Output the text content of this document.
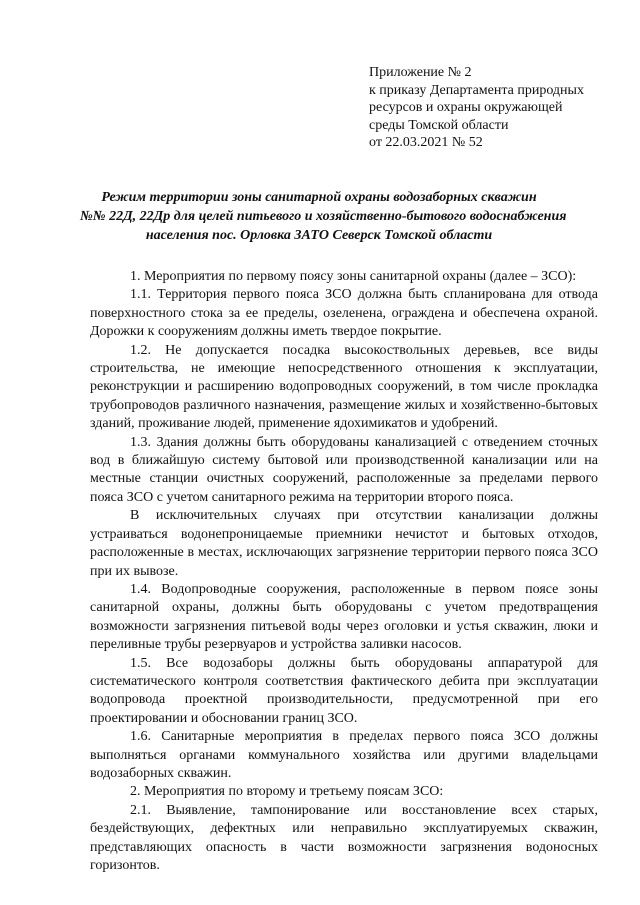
Приложение № 2
к приказу Департамента природных
ресурсов и охраны окружающей
среды Томской области
от 22.03.2021 № 52
Режим территории зоны санитарной охраны водозаборных скважин
№№ 22Д, 22Др для целей питьевого и хозяйственно-бытового водоснабжения
населения пос. Орловка ЗАТО Северск Томской области

1. Мероприятия по первому поясу зоны санитарной охраны (далее – ЗСО):

1.1. Территория первого пояса ЗСО должна быть спланирована для отвода поверхностного стока за ее пределы, озеленена, ограждена и обеспечена охраной. Дорожки к сооружениям должны иметь твердое покрытие.

1.2. Не допускается посадка высокоствольных деревьев, все виды строительства, не имеющие непосредственного отношения к эксплуатации, реконструкции и расширению водопроводных сооружений, в том числе прокладка трубопроводов различного назначения, размещение жилых и хозяйственно-бытовых зданий, проживание людей, применение ядохимикатов и удобрений.

1.3. Здания должны быть оборудованы канализацией с отведением сточных вод в ближайшую систему бытовой или производственной канализации или на местные станции очистных сооружений, расположенные за пределами первого пояса ЗСО с учетом санитарного режима на территории второго пояса.

В исключительных случаях при отсутствии канализации должны устраиваться водонепроницаемые приемники нечистот и бытовых отходов, расположенные в местах, исключающих загрязнение территории первого пояса ЗСО при их вывозе.

1.4. Водопроводные сооружения, расположенные в первом поясе зоны санитарной охраны, должны быть оборудованы с учетом предотвращения возможности загрязнения питьевой воды через оголовки и устья скважин, люки и переливные трубы резервуаров и устройства заливки насосов.

1.5. Все водозаборы должны быть оборудованы аппаратурой для систематического контроля соответствия фактического дебита при эксплуатации водопровода проектной производительности, предусмотренной при его проектировании и обосновании границ ЗСО.

1.6. Санитарные мероприятия в пределах первого пояса ЗСО должны выполняться органами коммунального хозяйства или другими владельцами водозаборных скважин.

2. Мероприятия по второму и третьему поясам ЗСО:

2.1. Выявление, тампонирование или восстановление всех старых, бездействующих, дефектных или неправильно эксплуатируемых скважин, представляющих опасность в части возможности загрязнения водоносных горизонтов.
